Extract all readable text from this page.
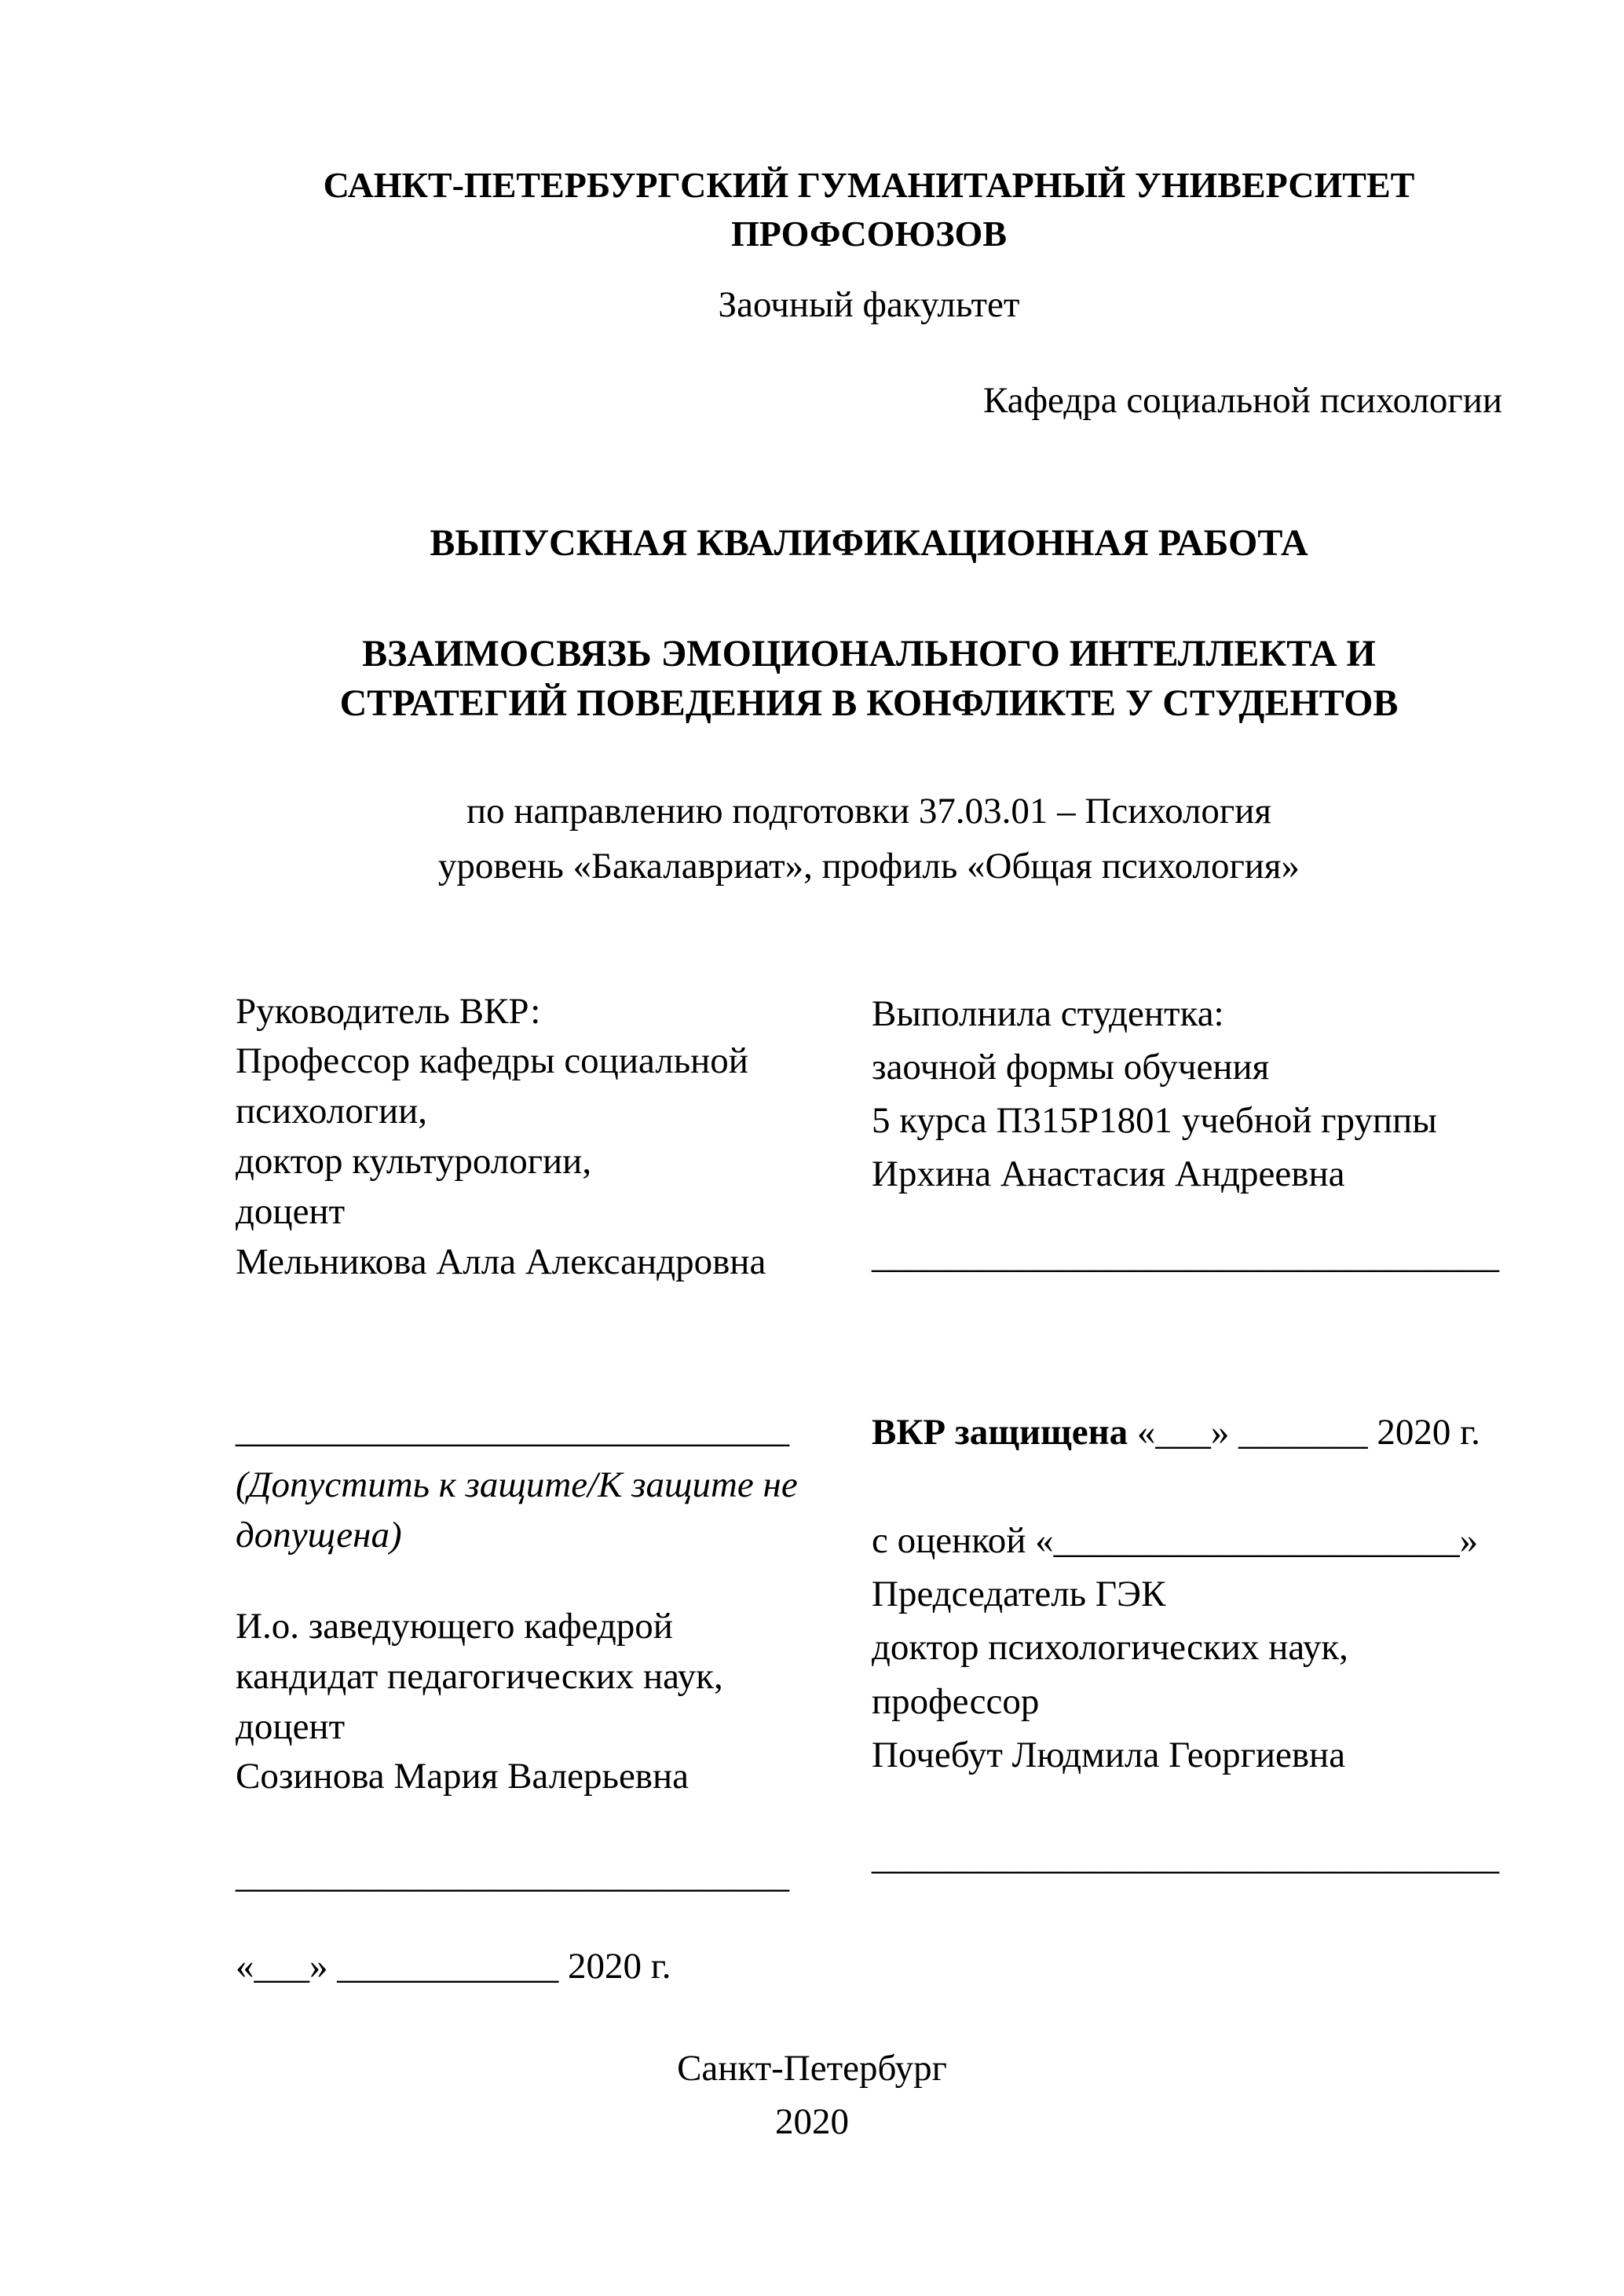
САНКТ-ПЕТЕРБУРГСКИЙ ГУМАНИТАРНЫЙ УНИВЕРСИТЕТ ПРОФСОЮЗОВ

Заочный факультет

Кафедра социальной психологии

ВЫПУСКНАЯ КВАЛИФИКАЦИОННАЯ РАБОТА

ВЗАИМОСВЯЗЬ ЭМОЦИОНАЛЬНОГО ИНТЕЛЛЕКТА И

СТРАТЕГИЙ ПОВЕДЕНИЯ В КОНФЛИКТЕ У СТУДЕНТОВ

по направлению подготовки 37.03.01 – Психология

уровень «Бакалавриат», профиль «Общая психология»

Руководитель ВКР:

Профессор кафедры социальной

психологии,

доктор культурологии,

доцент

Мельникова Алла Александровна

Выполнила студентка:

заочной формы обучения

5 курса П315Р1801 учебной группы

Ирхина Анастасия Андреевна

__________________________________

______________________________

(Допустить к защите/К защите не допущена)

И.о. заведующего кафедрой

кандидат педагогических наук,

доцент

Созинова Мария Валерьевна

______________________________

«___» ____________ 2020 г.

ВКР защищена «___» _______ 2020 г.

с оценкой «______________________»

Председатель ГЭК

доктор психологических наук,

профессор

Почебут Людмила Георгиевна

__________________________________

Санкт-Петербург

2020
